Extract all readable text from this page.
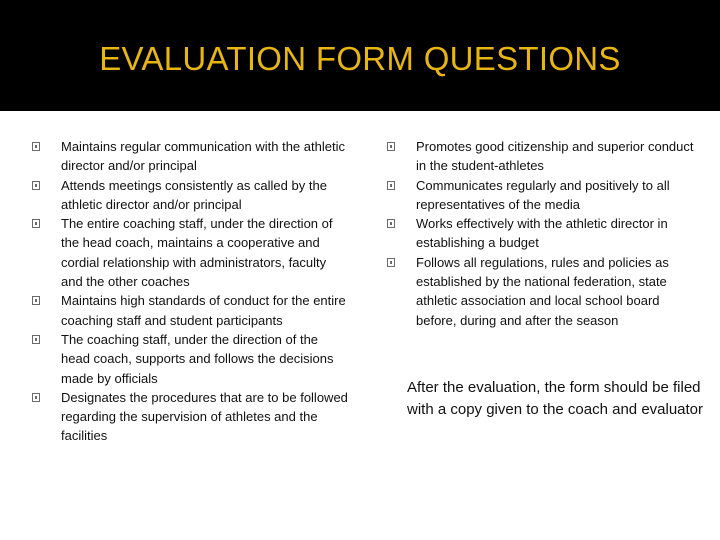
EVALUATION FORM QUESTIONS
Maintains regular communication with the athletic director and/or principal
Attends meetings consistently as called by the athletic director and/or principal
The entire coaching staff, under the direction of the head coach, maintains a cooperative and cordial relationship with administrators, faculty and the other coaches
Maintains high standards of conduct for the entire coaching staff and student participants
The coaching staff, under the direction of the head coach, supports and follows the decisions made by officials
Designates the procedures that are to be followed regarding the supervision of athletes and the facilities
Promotes good citizenship and superior conduct in the student-athletes
Communicates regularly and positively to all representatives of the media
Works effectively with the athletic director in establishing a budget
Follows all regulations, rules and policies as established by the national federation, state athletic association and local school board before, during and after the season
After the evaluation, the form should be filed with a copy given to the coach and evaluator
